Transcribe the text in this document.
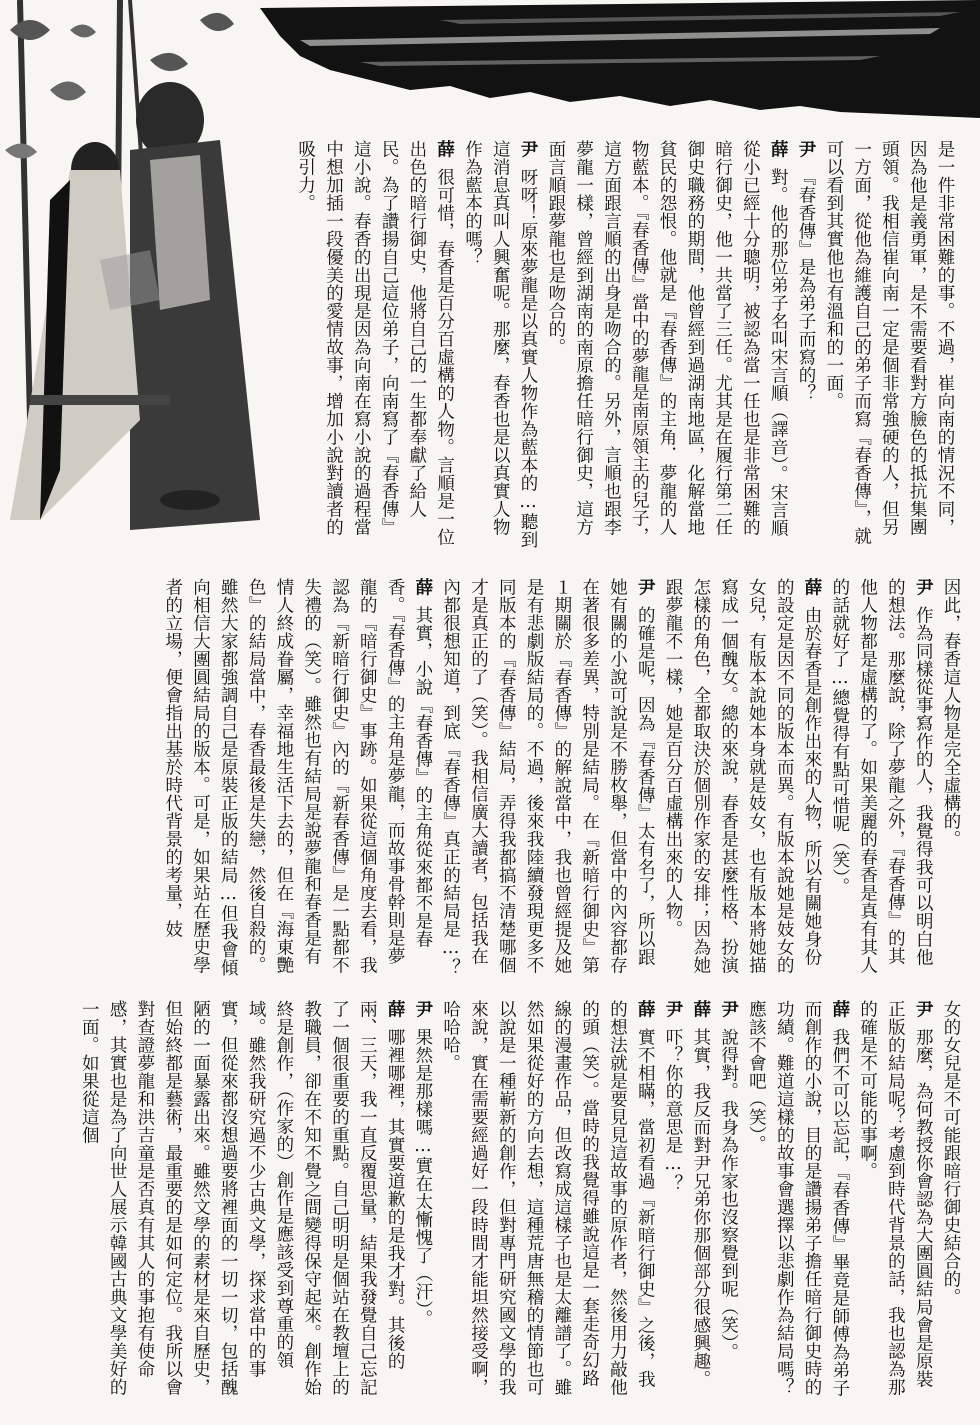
是一件非常困難的事。不過，崔向南的情況不同，因為他是義勇軍，是不需要看對方臉色的抵抗集團頭領。我相信崔向南一定是個非常強硬的人，但另一方面，從他為維護自己的弟子而寫『春香傳』，就可以看到其實他也有溫和的一面。

尹『春香傳』是為弟子而寫的？

薛對。他的那位弟子名叫宋言順（譯音）。宋言順從小已經十分聰明，被認為當一任也是非常困難的暗行御史，他一共當了三任。尤其是在履行第二任御史職務的期間，他曾經到過湖南地區，化解當地貧民的怨恨。他就是『春香傳』的主角．夢龍的人物藍本。『春香傳』當中的夢龍是南原領主的兒子，這方面跟言順的出身是吻合的。另外，言順也跟李夢龍一樣，曾經到湖南的南原擔任暗行御史，這方面言順跟夢龍也是吻合的。

尹呀呀！原來夢龍是以真實人物作為藍本的…聽到這消息真叫人興奮呢。那麼，春香也是以真實人物作為藍本的嗎？

薛很可惜，春香是百分百虛構的人物。言順是一位出色的暗行御史，他將自己的一生都奉獻了給人民。為了讚揚自己這位弟子，向南寫了『春香傳』這小說。春香的出現是因為向南在寫小說的過程當中想加插一段優美的愛情故事，增加小說對讀者的吸引力。

因此，春香這人物是完全虛構的。

尹作為同樣從事寫作的人，我覺得我可以明白他的想法。那麼說，除了夢龍之外，『春香傳』的其他人物都是虛構的了。如果美麗的春香是真有其人的話就好了…總覺得有點可惜呢（笑）。

薛由於春香是創作出來的人物，所以有關她身份的設定是因不同的版本而異。有版本說她是妓女的女兒，有版本說她本身就是妓女，也有版本將她描寫成一個醜女。總的來說，春香是甚麼性格、扮演怎樣的角色，全都取決於個別作家的安排；因為她跟夢龍不一樣，她是百分百虛構出來的人物。

尹的確是呢，因為『春香傳』太有名了，所以跟她有關的小說可說是不勝枚舉，但當中的內容都存在著很多差異，特別是結局。在『新暗行御史』第１期關於『春香傳』的解說當中，我也曾經提及她是有悲劇版結局的。不過，後來我陸續發現更多不同版本的『春香傳』結局，弄得我都搞不清楚哪個才是真正的了（笑）。我相信廣大讀者，包括我在內都很想知道，到底『春香傳』真正的結局是…？

薛其實，小說『春香傳』的主角從來都不是春香。『春香傳』的主角是夢龍，而故事骨幹則是夢龍的『暗行御史』事跡。如果從這個角度去看，我認為『新暗行御史』內的『新春香傳』是一點都不失禮的（笑）。雖然也有結局是說夢龍和春香是有情人終成眷屬，幸福地生活下去的，但在『海東艷色』的結局當中，春香最後是失戀，然後自殺的。雖然大家都強調自己是原裝正版的結局…但我會傾向相信大團圓結局的版本。可是，如果站在歷史學者的立場，便會指出基於時代背景的考量，妓

女的女兒是不可能跟暗行御史結合的。

尹那麼，為何教授你會認為大團圓結局會是原裝正版的結局呢？考慮到時代背景的話，我也認為那的確是不可能的事啊。

薛我們不可以忘記，『春香傳』畢竟是師傅為弟子而創作的小說，目的是讚揚弟子擔任暗行御史時的功績。難道這樣的故事會選擇以悲劇作為結局嗎？應該不會吧（笑）。

尹說得對。我身為作家也沒察覺到呢（笑）。

薛其實，我反而對尹兄弟你那個部分很感興趣。

尹吓？你的意思是…？

薛實不相瞞，當初看過『新暗行御史』之後，我的想法就是要見見這故事的原作者，然後用力敲他的頭（笑）。當時的我覺得雖說這是一套走奇幻路線的漫畫作品，但改寫成這樣子也是太離譜了。雖然如果從好的方向去想，這種荒唐無稽的情節也可以說是一種嶄新的創作，但對專門研究國文學的我來說，實在需要經過好一段時間才能坦然接受啊，哈哈哈。

尹果然是那樣嗎…實在太慚愧了（汗）。

薛哪裡哪裡，其實要道歉的是我才對。其後的兩、三天，我一直反覆思量，結果我發覺自己忘記了一個很重要的重點。自己明明是個站在教壇上的教職員，卻在不知不覺之間變得保守起來。創作始終是創作，（作家的）創作是應該受到尊重的領域。雖然我研究過不少古典文學，探求當中的事實，但從來都沒想過要將裡面的一切一切，包括醜陋的一面暴露出來。雖然文學的素材是來自歷史，但始終都是藝術，最重要的是如何定位。我所以會對查證夢龍和洪吉童是否真有其人的事抱有使命感，其實也是為了向世人展示韓國古典文學美好的一面。如果從這個
